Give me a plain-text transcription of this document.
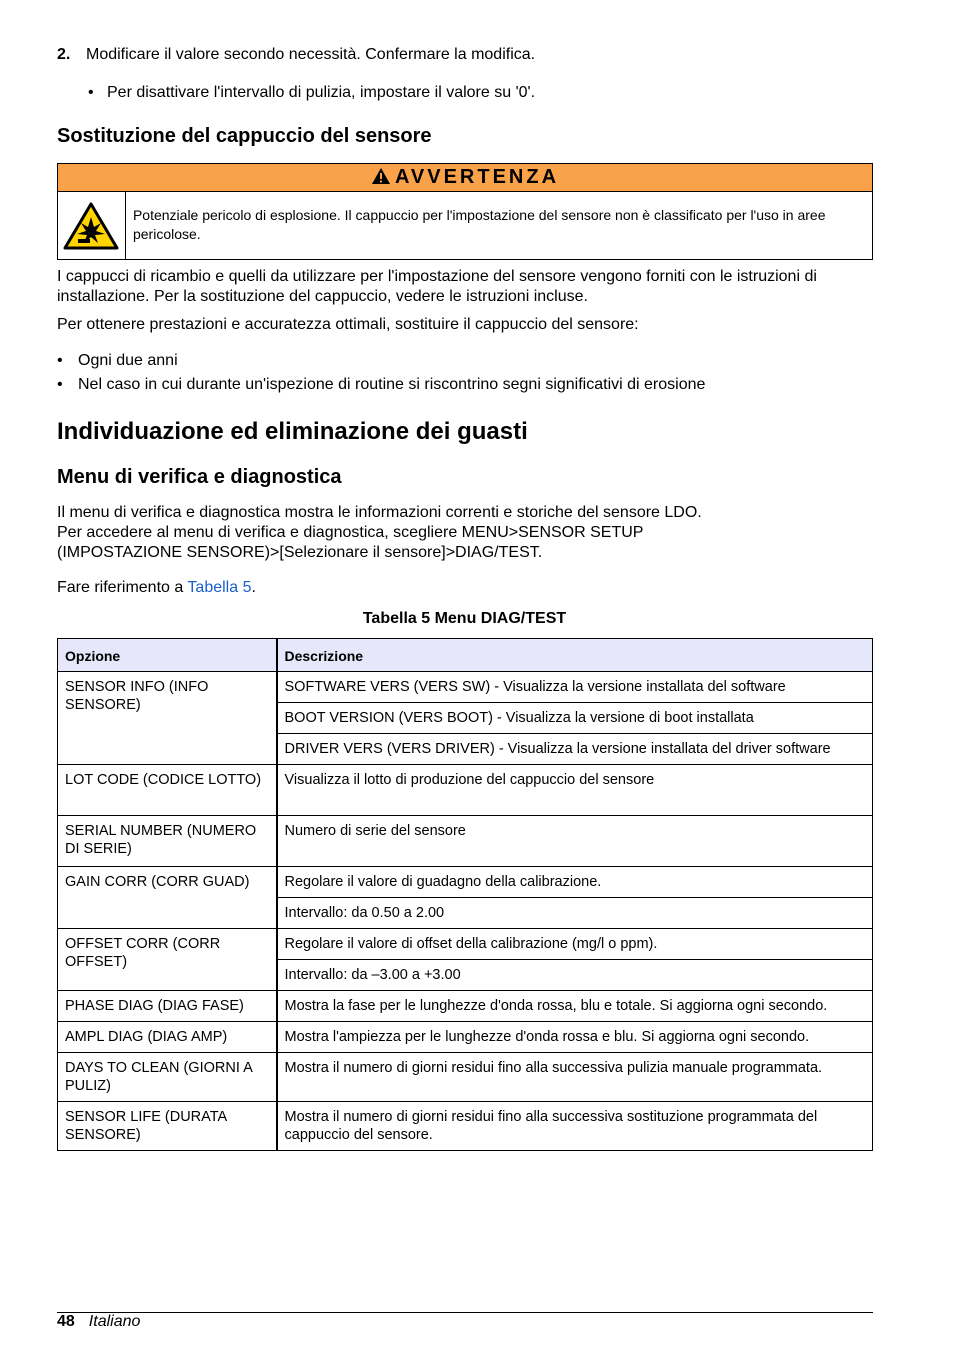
2. Modificare il valore secondo necessità. Confermare la modifica.
• Per disattivare l'intervallo di pulizia, impostare il valore su '0'.
Sostituzione del cappuccio del sensore
AVVERTENZA
Potenziale pericolo di esplosione. Il cappuccio per l'impostazione del sensore non è classificato per l'uso in aree pericolose.
I cappucci di ricambio e quelli da utilizzare per l'impostazione del sensore vengono forniti con le istruzioni di installazione. Per la sostituzione del cappuccio, vedere le istruzioni incluse.
Per ottenere prestazioni e accuratezza ottimali, sostituire il cappuccio del sensore:
• Ogni due anni
• Nel caso in cui durante un'ispezione di routine si riscontrino segni significativi di erosione
Individuazione ed eliminazione dei guasti
Menu di verifica e diagnostica
Il menu di verifica e diagnostica mostra le informazioni correnti e storiche del sensore LDO.
Per accedere al menu di verifica e diagnostica, scegliere MENU>SENSOR SETUP (IMPOSTAZIONE SENSORE)>[Selezionare il sensore]>DIAG/TEST.
Fare riferimento a Tabella 5.
Tabella 5 Menu DIAG/TEST
Opzione	Descrizione
SENSOR INFO (INFO SENSORE)	SOFTWARE VERS (VERS SW) - Visualizza la versione installata del software
	BOOT VERSION (VERS BOOT) - Visualizza la versione di boot installata
	DRIVER VERS (VERS DRIVER) - Visualizza la versione installata del driver software
LOT CODE (CODICE LOTTO)	Visualizza il lotto di produzione del cappuccio del sensore
SERIAL NUMBER (NUMERO DI SERIE)	Numero di serie del sensore
GAIN CORR (CORR GUAD)	Regolare il valore di guadagno della calibrazione.
	Intervallo: da 0.50 a 2.00
OFFSET CORR (CORR OFFSET)	Regolare il valore di offset della calibrazione (mg/l o ppm).
	Intervallo: da –3.00 a +3.00
PHASE DIAG (DIAG FASE)	Mostra la fase per le lunghezze d'onda rossa, blu e totale. Si aggiorna ogni secondo.
AMPL DIAG (DIAG AMP)	Mostra l'ampiezza per le lunghezze d'onda rossa e blu. Si aggiorna ogni secondo.
DAYS TO CLEAN (GIORNI A PULIZ)	Mostra il numero di giorni residui fino alla successiva pulizia manuale programmata.
SENSOR LIFE (DURATA SENSORE)	Mostra il numero di giorni residui fino alla successiva sostituzione programmata del cappuccio del sensore.
48 Italiano
